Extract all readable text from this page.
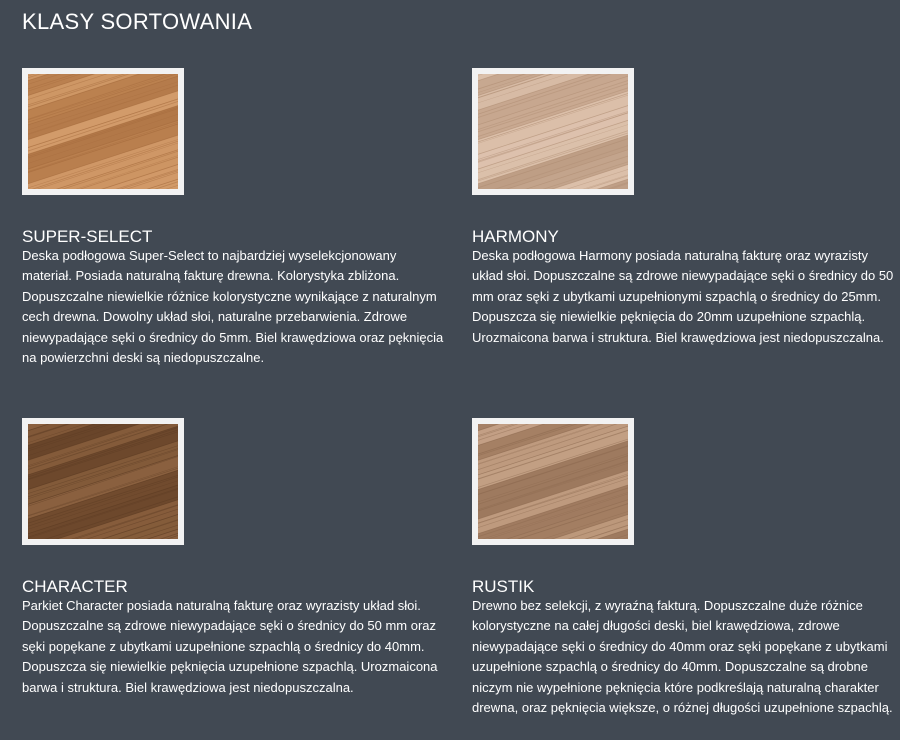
KLASY SORTOWANIA
SUPER-SELECT

Deska podłogowa Super-Select to najbardziej wyselekcjonowany materiał. Posiada naturalną fakturę drewna. Kolorystyka zbliżona. Dopuszczalne niewielkie różnice kolorystyczne wynikające z naturalnym cech drewna. Dowolny układ słoi, naturalne przebarwienia. Zdrowe niewypadające sęki o średnicy do 5mm. Biel krawędziowa oraz pęknięcia na powierzchni deski są niedopuszczalne.

HARMONY

Deska podłogowa Harmony posiada naturalną fakturę oraz wyrazisty układ słoi. Dopuszczalne są zdrowe niewypadające sęki o średnicy do 50 mm oraz sęki z ubytkami uzupełnionymi szpachlą o średnicy do 25mm. Dopuszcza się niewielkie pęknięcia do 20mm uzupełnione szpachlą. Urozmaicona barwa i struktura. Biel krawędziowa jest niedopuszczalna.

CHARACTER

Parkiet Character posiada naturalną fakturę oraz wyrazisty układ słoi. Dopuszczalne są zdrowe niewypadające sęki o średnicy do 50 mm oraz sęki popękane z ubytkami uzupełnione szpachlą o średnicy do 40mm. Dopuszcza się niewielkie pęknięcia uzupełnione szpachlą. Urozmaicona barwa i struktura. Biel krawędziowa jest niedopuszczalna.

RUSTIK

Drewno bez selekcji, z wyraźną fakturą. Dopuszczalne duże różnice kolorystyczne na całej długości deski, biel krawędziowa, zdrowe niewypadające sęki o średnicy do 40mm oraz sęki popękane z ubytkami uzupełnione szpachlą o średnicy do 40mm. Dopuszczalne są drobne niczym nie wypełnione pęknięcia które podkreślają naturalną charakter drewna, oraz pęknięcia większe, o różnej długości uzupełnione szpachlą.
